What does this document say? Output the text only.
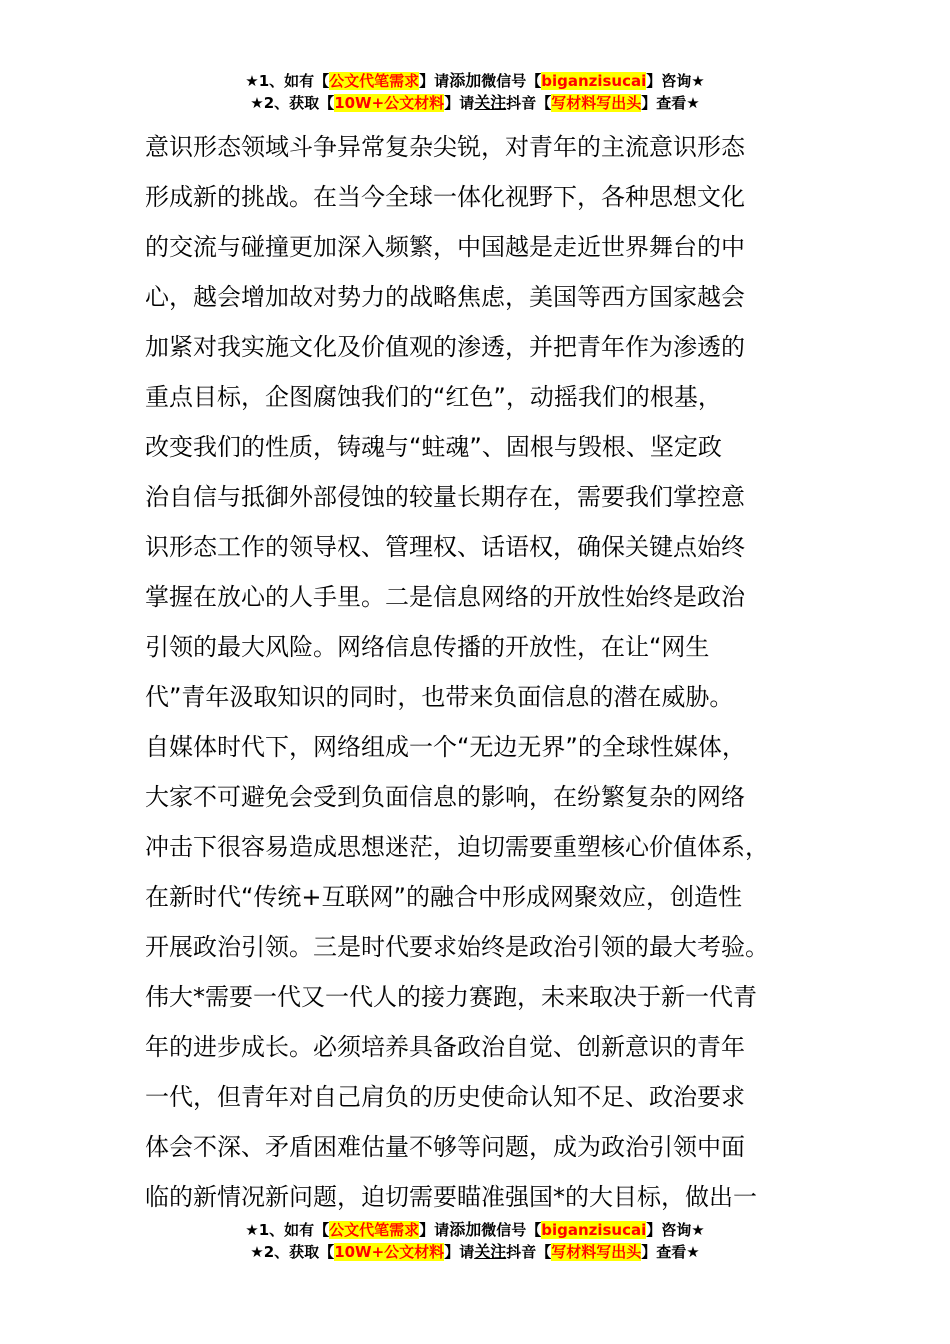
★1、如有【公文代笔需求】请添加微信号【biganzisucai】咨询★
★2、获取【10W+公文材料】请关注抖音【写材料写出头】查看★
意识形态领域斗争异常复杂尖锐，对青年的主流意识形态
形成新的挑战。在当今全球一体化视野下，各种思想文化
的交流与碰撞更加深入频繁，中国越是走近世界舞台的中
心，越会增加故对势力的战略焦虑，美国等西方国家越会
加紧对我实施文化及价值观的渗透，并把青年作为渗透的
重点目标，企图腐蚀我们的“红色”，动摇我们的根基，
改变我们的性质，铸魂与“蛀魂”、固根与毁根、坚定政
治自信与抵御外部侵蚀的较量长期存在，需要我们掌控意
识形态工作的领导权、管理权、话语权，确保关键点始终
掌握在放心的人手里。二是信息网络的开放性始终是政治
引领的最大风险。网络信息传播的开放性，在让“网生
代”青年汲取知识的同时，也带来负面信息的潜在威胁。
自媒体时代下，网络组成一个“无边无界”的全球性媒体，
大家不可避免会受到负面信息的影响，在纷繁复杂的网络
冲击下很容易造成思想迷茫，迫切需要重塑核心价值体系，
在新时代“传统+互联网”的融合中形成网聚效应，创造性
开展政治引领。三是时代要求始终是政治引领的最大考验。
伟大*需要一代又一代人的接力赛跑，未来取决于新一代青
年的进步成长。必须培养具备政治自觉、创新意识的青年
一代，但青年对自己肩负的历史使命认知不足、政治要求
体会不深、矛盾困难估量不够等问题，成为政治引领中面
临的新情况新问题，迫切需要瞄准强国*的大目标，做出一
★1、如有【公文代笔需求】请添加微信号【biganzisucai】咨询★
★2、获取【10W+公文材料】请关注抖音【写材料写出头】查看★
